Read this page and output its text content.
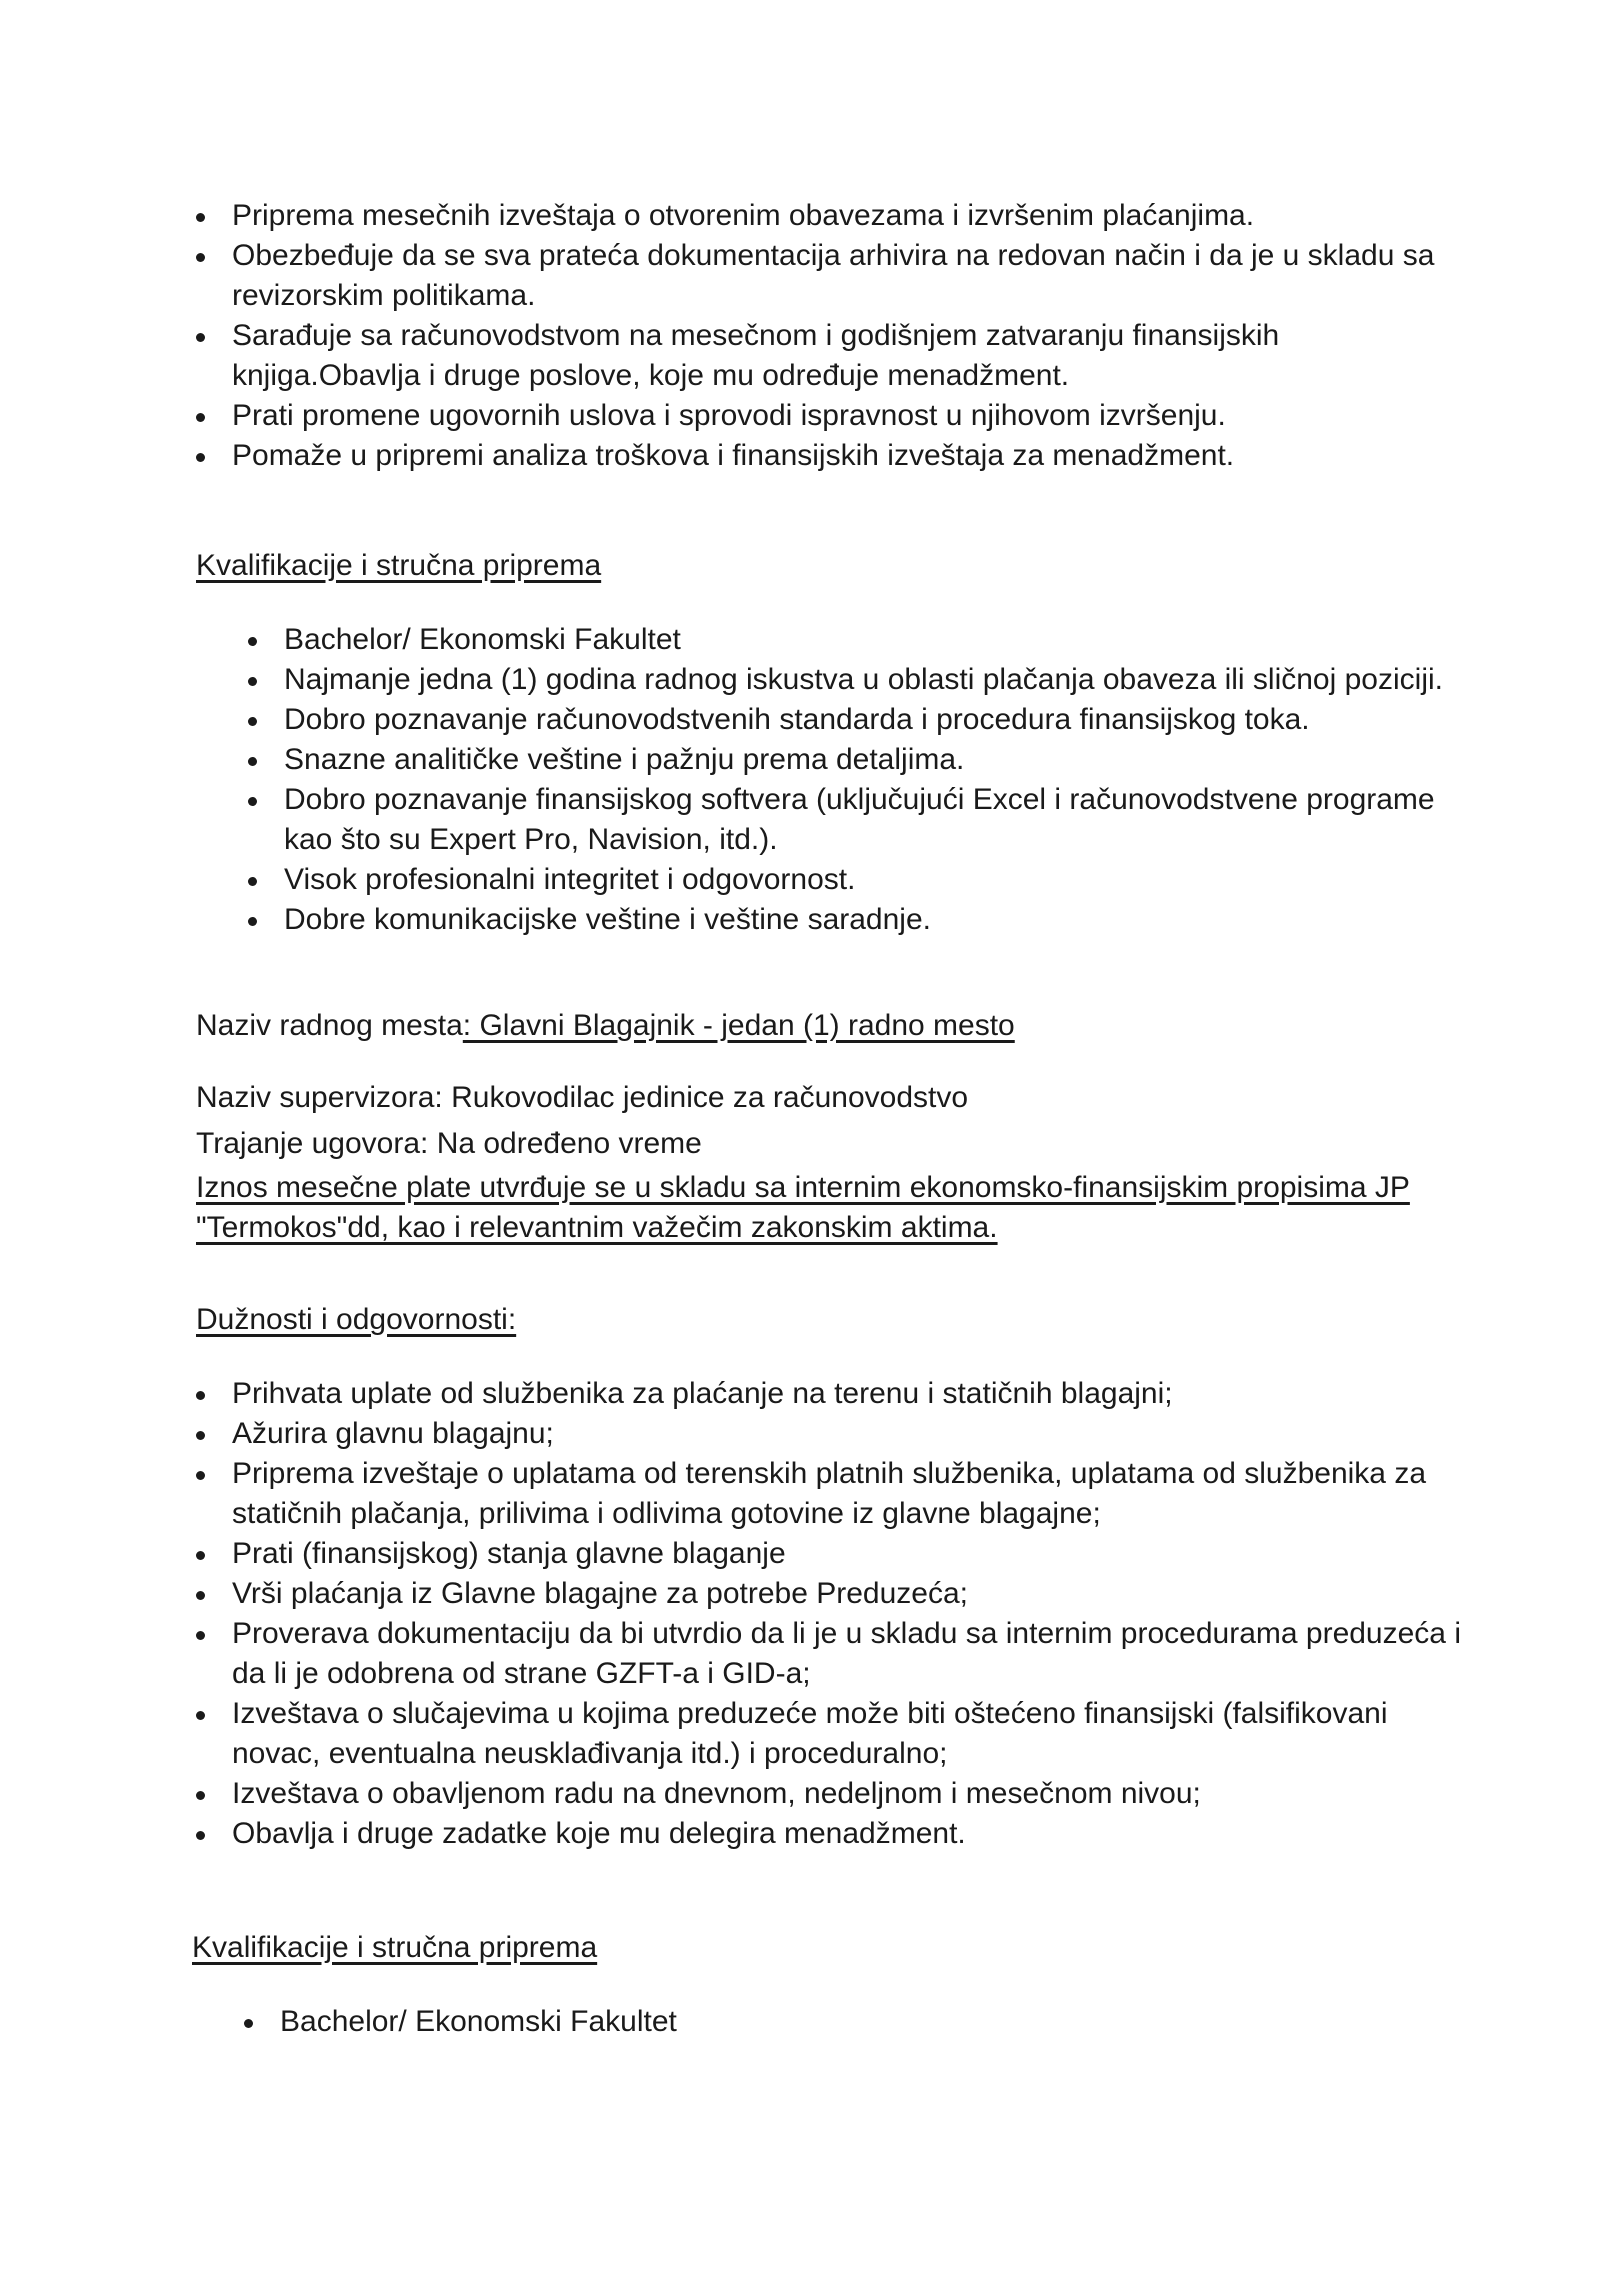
Priprema mesečnih izveštaja o otvorenim obavezama i izvršenim plaćanjima.
Obezbeđuje da se sva prateća dokumentacija arhivira na redovan način i da je u skladu sa revizorskim politikama.
Sarađuje sa računovodstvom na mesečnom i godišnjem zatvaranju finansijskih knjiga.Obavlja i druge poslove, koje mu određuje menadžment.
Prati promene ugovornih uslova i sprovodi ispravnost u njihovom izvršenju.
Pomaže u pripremi analiza troškova i finansijskih izveštaja za menadžment.
Kvalifikacije i stručna priprema
Bachelor/ Ekonomski Fakultet
Najmanje jedna (1) godina radnog iskustva u oblasti plačanja obaveza ili sličnoj poziciji.
Dobro poznavanje računovodstvenih standarda i procedura finansijskog toka.
Snazne analitičke veštine i pažnju prema detaljima.
Dobro poznavanje finansijskog softvera (uključujući Excel i računovodstvene programe kao što su Expert Pro, Navision, itd.).
Visok profesionalni integritet i odgovornost.
Dobre komunikacijske veštine i veštine saradnje.
Naziv radnog mesta: Glavni Blagajnik - jedan (1) radno mesto
Naziv supervizora: Rukovodilac jedinice za računovodstvo
Trajanje ugovora: Na određeno vreme
Iznos mesečne plate utvrđuje se u skladu sa internim ekonomsko-finansijskim propisima JP "Termokos"dd, kao i relevantnim važečim zakonskim aktima.
Dužnosti i odgovornosti:
Prihvata uplate od službenika za plaćanje na terenu i statičnih blagajni;
Ažurira glavnu blagajnu;
Priprema izveštaje o uplatama od terenskih platnih službenika, uplatama od službenika za statičnih plačanja, prilivima i odlivima gotovine iz glavne blagajne;
Prati (finansijskog) stanja glavne blaganje
Vrši plaćanja iz Glavne blagajne za potrebe Preduzeća;
Proverava dokumentaciju da bi utvrdio da li je u skladu sa internim procedurama preduzeća i da li je odobrena od strane GZFT-a i GID-a;
Izveštava o slučajevima u kojima preduzeće može biti oštećeno finansijski (falsifikovani novac, eventualna neusklađivanja itd.) i proceduralno;
Izveštava o obavljenom radu na dnevnom, nedeljnom i mesečnom nivou;
Obavlja i druge zadatke koje mu delegira menadžment.
Kvalifikacije i stručna priprema
Bachelor/ Ekonomski Fakultet
